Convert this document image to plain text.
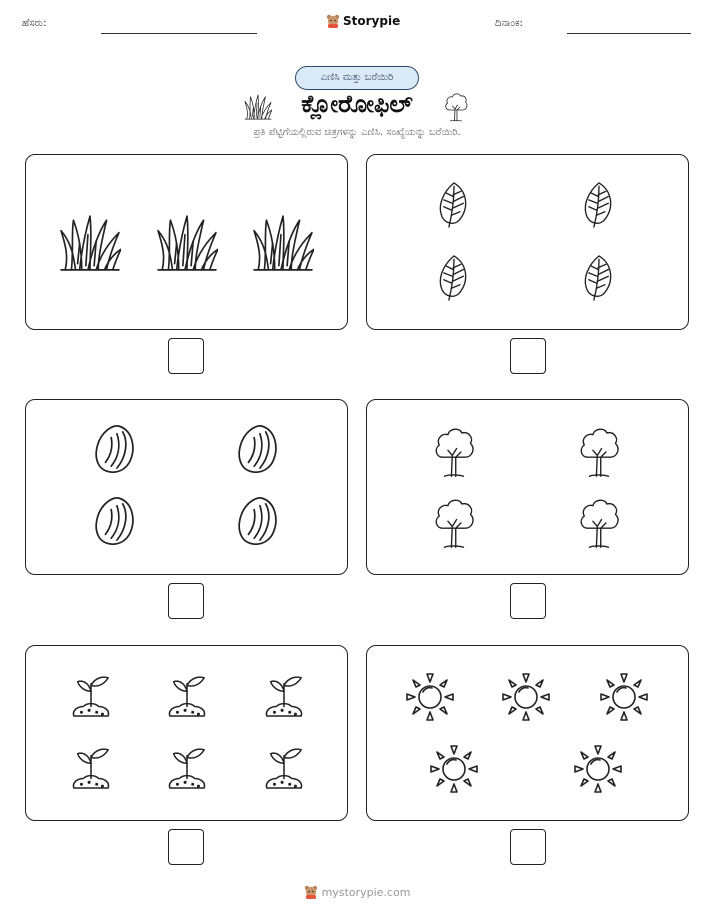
ಹೆಸರು:	Storypie	ದಿನಾಂಕ:
ಎಣಿಸಿ ಮತ್ತು ಬರೆಯಿರಿ
ಕ್ಲೋರೋಫಿಲ್
ಪ್ರತಿ ಪೆಟ್ಟಿಗೆಯಲ್ಲಿರುವ ಚಿತ್ರಗಳನ್ನು ಎಣಿಸಿ. ಸಂಖ್ಯೆಯನ್ನು ಬರೆಯಿರಿ.
mystorypie.com
